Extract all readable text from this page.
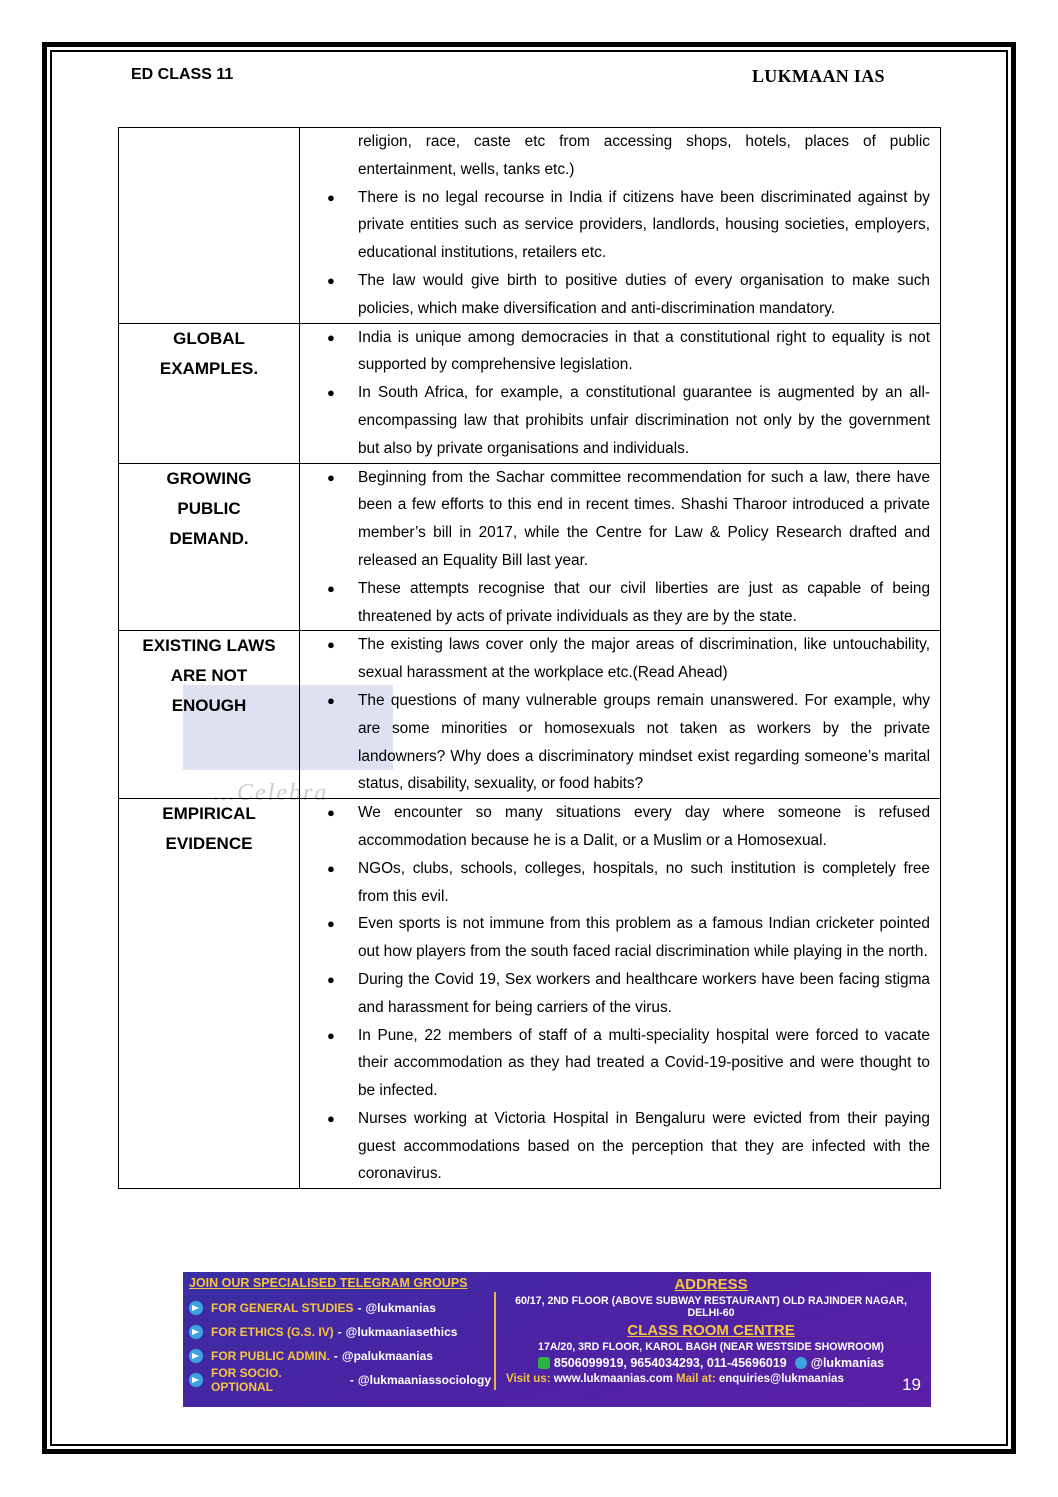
ED CLASS 11	LUKMAAN IAS
...Celebra

religion, race, caste etc from accessing shops, hotels, places of public entertainment, wells, tanks etc.)
● There is no legal recourse in India if citizens have been discriminated against by private entities such as service providers, landlords, housing societies, employers, educational institutions, retailers etc.
● The law would give birth to positive duties of every organisation to make such policies, which make diversification and anti-discrimination mandatory.

GLOBAL
EXAMPLES.

● India is unique among democracies in that a constitutional right to equality is not supported by comprehensive legislation.
● In South Africa, for example, a constitutional guarantee is augmented by an all-encompassing law that prohibits unfair discrimination not only by the government but also by private organisations and individuals.

GROWING
PUBLIC
DEMAND.

● Beginning from the Sachar committee recommendation for such a law, there have been a few efforts to this end in recent times. Shashi Tharoor introduced a private member’s bill in 2017, while the Centre for Law & Policy Research drafted and released an Equality Bill last year.
● These attempts recognise that our civil liberties are just as capable of being threatened by acts of private individuals as they are by the state.

EXISTING LAWS
ARE NOT
ENOUGH

● The existing laws cover only the major areas of discrimination, like untouchability, sexual harassment at the workplace etc.(Read Ahead)
● The questions of many vulnerable groups remain unanswered. For example, why are some minorities or homosexuals not taken as workers by the private landowners? Why does a discriminatory mindset exist regarding someone’s marital status, disability, sexuality, or food habits?

EMPIRICAL
EVIDENCE

● We encounter so many situations every day where someone is refused accommodation because he is a Dalit, or a Muslim or a Homosexual.
● NGOs, clubs, schools, colleges, hospitals, no such institution is completely free from this evil.
● Even sports is not immune from this problem as a famous Indian cricketer pointed out how players from the south faced racial discrimination while playing in the north.
● During the Covid 19, Sex workers and healthcare workers have been facing stigma and harassment for being carriers of the virus.
● In Pune, 22 members of staff of a multi-speciality hospital were forced to vacate their accommodation as they had treated a Covid-19-positive and were thought to be infected.
● Nurses working at Victoria Hospital in Bengaluru were evicted from their paying guest accommodations based on the perception that they are infected with the coronavirus.
JOIN OUR SPECIALISED TELEGRAM GROUPS
FOR GENERAL STUDIES - @lukmanias
FOR ETHICS (G.S. IV) - @lukmaaniasethics
FOR PUBLIC ADMIN. - @palukmaanias
FOR SOCIO. OPTIONAL	- @lukmaaniassociology
ADDRESS
60/17, 2ND FLOOR (ABOVE SUBWAY RESTAURANT) OLD RAJINDER NAGAR, DELHI-60
CLASS ROOM CENTRE
17A/20, 3RD FLOOR, KAROL BAGH (NEAR WESTSIDE SHOWROOM)
8506099919, 9654034293, 011-45696019 @lukmanias
Visit us: www.lukmaanias.com Mail at: enquiries@lukmaanias	19
